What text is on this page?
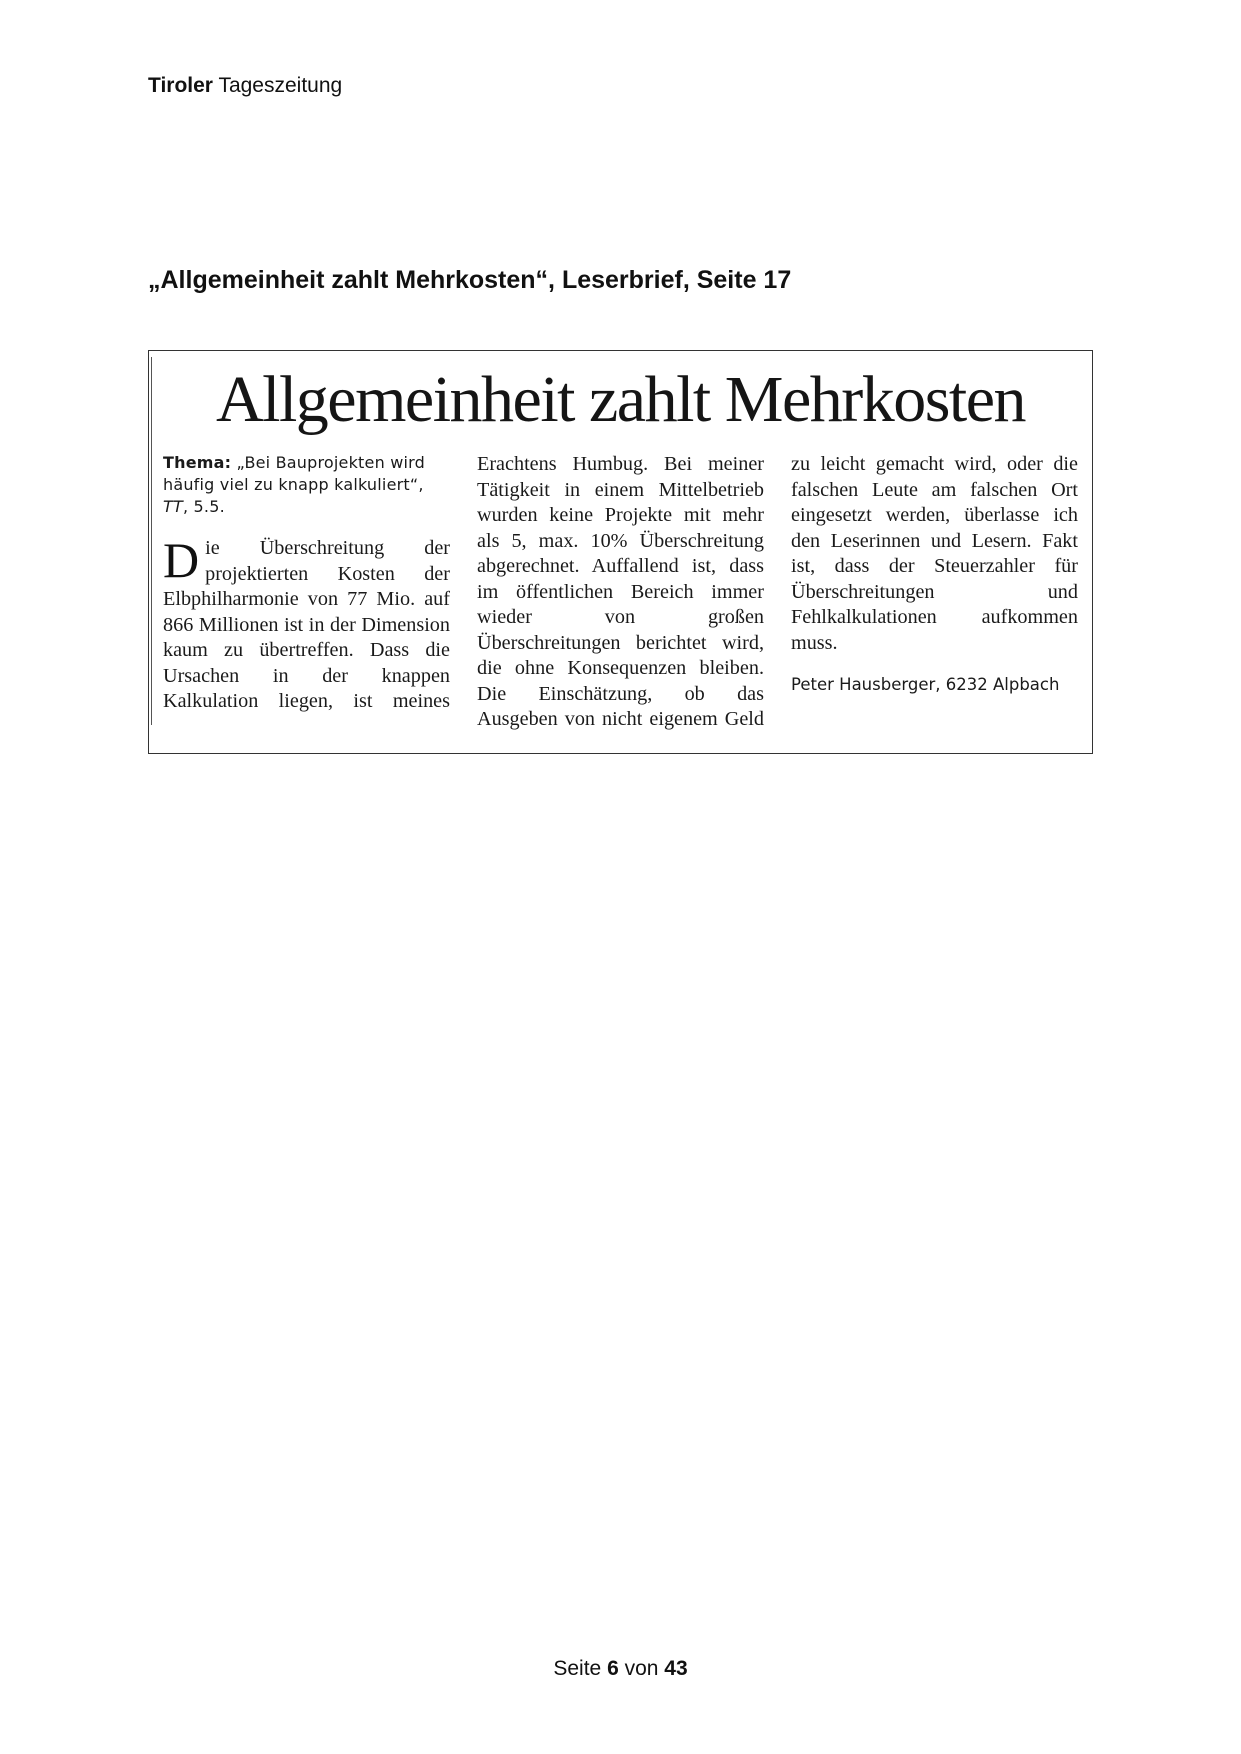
Tiroler Tageszeitung
„Allgemeinheit zahlt Mehrkosten“, Leserbrief, Seite 17
Allgemeinheit zahlt Mehrkosten
Thema: „Bei Bauprojekten wird häufig viel zu knapp kalkuliert“, TT, 5.5.
Die Überschreitung der projektierten Kosten der Elbphilharmonie von 77 Mio. auf 866 Millionen ist in der Dimension kaum zu übertreffen. Dass die Ursachen in der knappen Kalkulation liegen, ist meines Erachtens Humbug. Bei meiner Tätigkeit in einem Mittelbetrieb wurden keine Projekte mit mehr als 5, max. 10% Überschreitung abgerechnet. Auffallend ist, dass im öffentlichen Bereich immer wieder von großen Überschreitungen berichtet wird, die ohne Konsequenzen bleiben. Die Einschätzung, ob das Ausgeben von nicht eigenem Geld zu leicht gemacht wird, oder die falschen Leute am falschen Ort eingesetzt werden, überlasse ich den Leserinnen und Lesern. Fakt ist, dass der Steuerzahler für Überschreitungen und Fehlkalkulationen aufkommen muss.
Peter Hausberger, 6232 Alpbach
Seite 6 von 43
